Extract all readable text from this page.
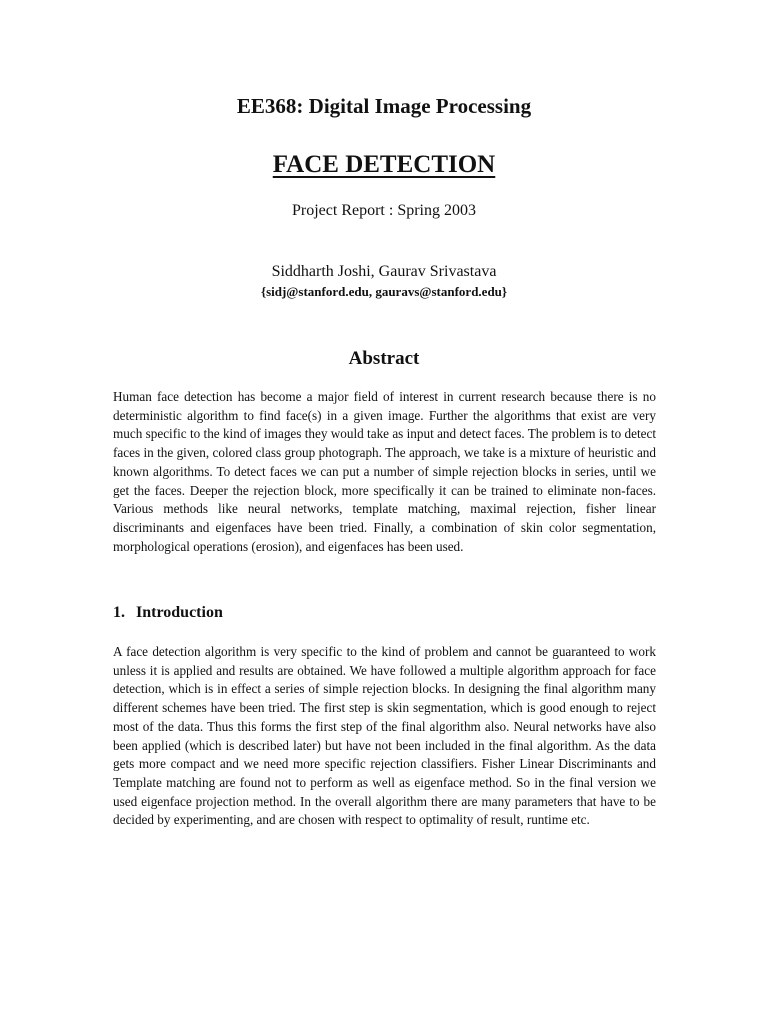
EE368: Digital Image Processing
FACE DETECTION

Project Report : Spring 2003

Siddharth Joshi, Gaurav Srivastava

{sidj@stanford.edu, gauravs@stanford.edu}

Abstract

Human face detection has become a major field of interest in current research because there is no deterministic algorithm to find face(s) in a given image. Further the algorithms that exist are very much specific to the kind of images they would take as input and detect faces. The problem is to detect faces in the given, colored class group photograph. The approach, we take is a mixture of heuristic and known algorithms. To detect faces we can put a number of simple rejection blocks in series, until we get the faces. Deeper the rejection block, more specifically it can be trained to eliminate non-faces. Various methods like neural networks, template matching, maximal rejection, fisher linear discriminants and eigenfaces have been tried. Finally, a combination of skin color segmentation, morphological operations (erosion), and eigenfaces has been used.

1. Introduction

A face detection algorithm is very specific to the kind of problem and cannot be guaranteed to work unless it is applied and results are obtained. We have followed a multiple algorithm approach for face detection, which is in effect a series of simple rejection blocks. In designing the final algorithm many different schemes have been tried. The first step is skin segmentation, which is good enough to reject most of the data. Thus this forms the first step of the final algorithm also. Neural networks have also been applied (which is described later) but have not been included in the final algorithm. As the data gets more compact and we need more specific rejection classifiers. Fisher Linear Discriminants and Template matching are found not to perform as well as eigenface method. So in the final version we used eigenface projection method. In the overall algorithm there are many parameters that have to be decided by experimenting, and are chosen with respect to optimality of result, runtime etc.
